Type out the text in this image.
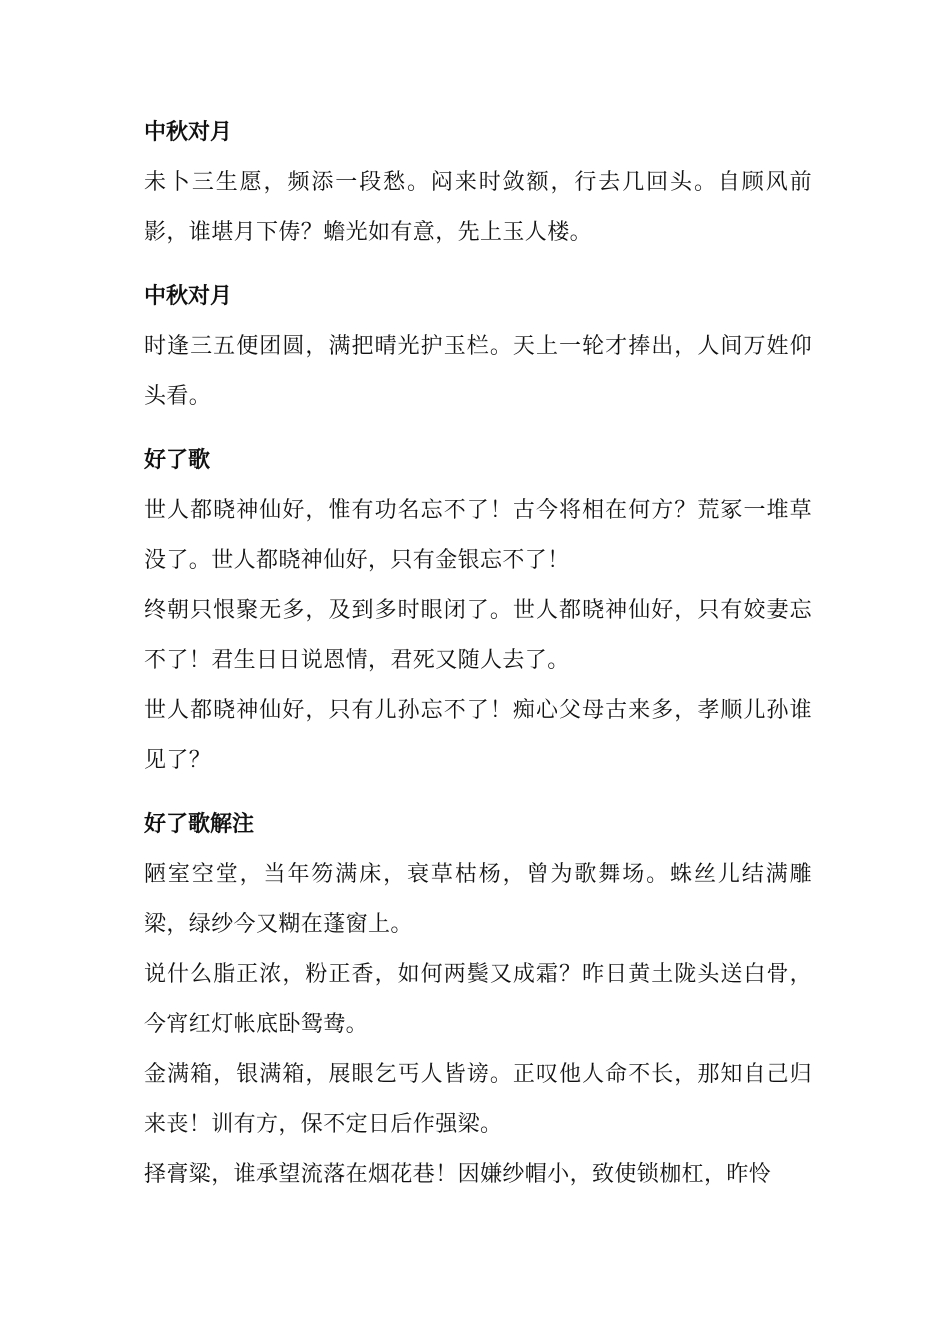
中秋对月
未卜三生愿，频添一段愁。闷来时敛额，行去几回头。自顾风前影，谁堪月下俦？蟾光如有意，先上玉人楼。
中秋对月
时逢三五便团圆，满把晴光护玉栏。天上一轮才捧出，人间万姓仰头看。
好了歌
世人都晓神仙好，惟有功名忘不了！古今将相在何方？荒冢一堆草没了。世人都晓神仙好，只有金银忘不了！
终朝只恨聚无多，及到多时眼闭了。世人都晓神仙好，只有姣妻忘不了！君生日日说恩情，君死又随人去了。
世人都晓神仙好，只有儿孙忘不了！痴心父母古来多，孝顺儿孙谁见了？
好了歌解注
陋室空堂，当年笏满床，衰草枯杨，曾为歌舞场。蛛丝儿结满雕梁，绿纱今又糊在蓬窗上。
说什么脂正浓，粉正香，如何两鬓又成霜？昨日黄土陇头送白骨，今宵红灯帐底卧鸳鸯。
金满箱，银满箱，展眼乞丐人皆谤。正叹他人命不长，那知自己归来丧！训有方，保不定日后作强梁。
择膏粱，谁承望流落在烟花巷！因嫌纱帽小，致使锁枷杠，昨怜
